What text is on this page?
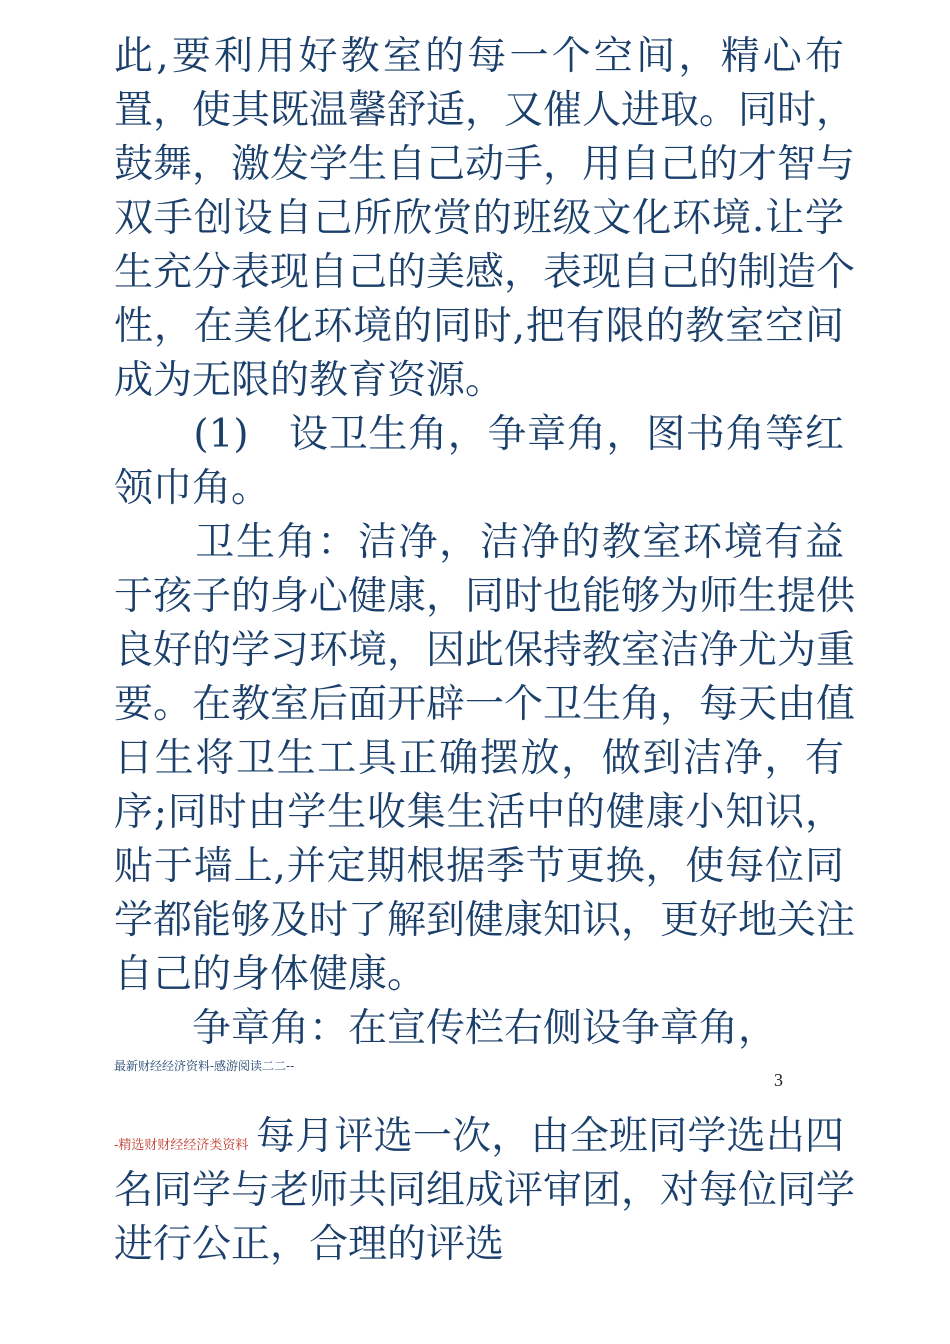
此,要利用好教室的每一个空间，精心布
置，使其既温馨舒适，又催人进取。同时，
鼓舞，激发学生自己动手，用自己的才智与
双手创设自己所欣赏的班级文化环境.让学
生充分表现自己的美感，表现自己的制造个
性，在美化环境的同时,把有限的教室空间
成为无限的教育资源。
　　(1)　设卫生角，争章角，图书角等红
领巾角。
　　卫生角：洁净，洁净的教室环境有益
于孩子的身心健康，同时也能够为师生提供
良好的学习环境，因此保持教室洁净尤为重
要。在教室后面开辟一个卫生角，每天由值
日生将卫生工具正确摆放，做到洁净，有
序;同时由学生收集生活中的健康小知识，
贴于墙上,并定期根据季节更换，使每位同
学都能够及时了解到健康知识，更好地关注
自己的身体健康。
　　争章角：在宣传栏右侧设争章角，
最新财经经济资料-感游阅读二二--
3
-精选财财经经济类资料 每月评选一次，由全班同学选出四
名同学与老师共同组成评审团，对每位同学
进行公正，合理的评选
